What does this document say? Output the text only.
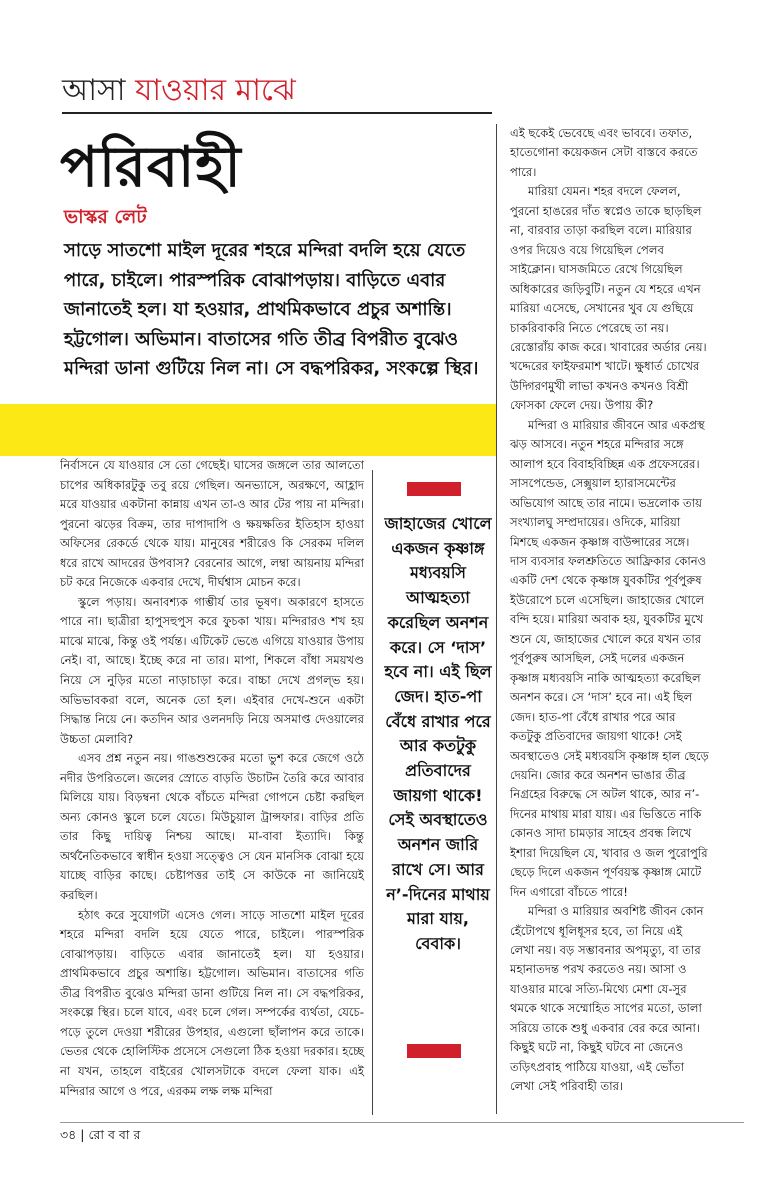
আসা যাওয়ার মাঝে
পরিবাহী
ভাস্কর লেট
সাড়ে সাতশো মাইল দূরের শহরে মন্দিরা বদলি হয়ে যেতে পারে, চাইলে। পারস্পরিক বোঝাপড়ায়। বাড়িতে এবার জানাতেই হল। যা হওয়ার, প্রাথমিকভাবে প্রচুর অশান্তি। হট্টগোল। অভিমান। বাতাসের গতি তীব্র বিপরীত বুঝেও মন্দিরা ডানা গুটিয়ে নিল না। সে বদ্ধপরিকর, সংকল্পে স্থির।

নির্বাসনে যে যাওয়ার সে তো গেছেই। ঘাসের জঙ্গলে তার আলতো চাপের অধিকারটুকু তবু রয়ে গেছিল। অনভ্যাসে, অরক্ষণে, আহ্লাদ মরে যাওয়ার একটানা কান্নায় এখন তা-ও আর টের পায় না মন্দিরা। পুরনো ঝড়ের বিক্রম, তার দাপাদাপি ও ক্ষয়ক্ষতির ইতিহাস হাওয়া অফিসের রেকর্ডে থেকে যায়। মানুষের শরীরেও কি সেরকম দলিল ধরে রাখে আদরের উপবাস? বেরনোর আগে, লম্বা আয়নায় মন্দিরা চট করে নিজেকে একবার দেখে, দীর্ঘশ্বাস মোচন করে।

স্কুলে পড়ায়। অনাবশ্যক গাম্ভীর্য তার ভূষণ। অকারণে হাসতে পারে না। ছাত্রীরা হাপুসহুপুস করে ফুচকা খায়। মন্দিরারও শখ হয় মাঝে মাঝে, কিন্তু ওই পর্যন্ত। এটিকেট ভেঙে এগিয়ে যাওয়ার উপায় নেই। বা, আছে। ইচ্ছে করে না তার। মাপা, শিকলে বাঁধা সময়খণ্ড নিয়ে সে নুড়ির মতো নাড়াচাড়া করে। বাচ্চা দেখে প্রগল্ভ হয়। অভিভাবকরা বলে, অনেক তো হল। এইবার দেখে-শুনে একটা সিদ্ধান্ত নিয়ে নে। কতদিন আর ওলনদড়ি নিয়ে অসমাপ্ত দেওয়ালের উচ্চতা মেলাবি?

এসব প্রশ্ন নতুন নয়। গাঙশুশুকের মতো ভুশ করে জেগে ওঠে নদীর উপরিতলে। জলের স্রোতে বাড়তি উচাটন তৈরি করে আবার মিলিয়ে যায়। বিড়ম্বনা থেকে বাঁচতে মন্দিরা গোপনে চেষ্টা করছিল অন্য কোনও স্কুলে চলে যেতে। মিউচুয়াল ট্রান্সফার। বাড়ির প্রতি তার কিছু দায়িত্ব নিশ্চয় আছে। মা-বাবা ইত্যাদি। কিন্তু অর্থনৈতিকভাবে স্বাধীন হওয়া সত্ত্বেও সে যেন মানসিক বোঝা হয়ে যাচ্ছে বাড়ির কাছে। চেষ্টাপত্তর তাই সে কাউকে না জানিয়েই করছিল।

হঠাৎ করে সুযোগটা এসেও গেল। সাড়ে সাতশো মাইল দূরের শহরে মন্দিরা বদলি হয়ে যেতে পারে, চাইলে। পারস্পরিক বোঝাপড়ায়। বাড়িতে এবার জানাতেই হল। যা হওয়ার। প্রাথমিকভাবে প্রচুর অশান্তি। হট্টগোল। অভিমান। বাতাসের গতি তীব্র বিপরীত বুঝেও মন্দিরা ডানা গুটিয়ে নিল না। সে বদ্ধপরিকর, সংকল্পে স্থির। চলে যাবে, এবং চলে গেল। সম্পর্কের ব্যর্থতা, যেচে-পড়ে তুলে দেওয়া শরীরের উপহার, এগুলো ছাঁলাপন করে তাকে। ভেতর থেকে হোলিস্টিক প্রসেসে সেগুলো ঠিক হওয়া দরকার। হচ্ছে না যখন, তাহলে বাইরের খোলসটাকে বদলে ফেলা যাক। এই মন্দিরার আগে ও পরে, এরকম লক্ষ লক্ষ মন্দিরা

জাহাজের খোলে একজন কৃষ্ণাঙ্গ মধ্যবয়সি আত্মহত্যা করেছিল অনশন করে। সে ‘দাস’ হবে না। এই ছিল জেদ। হাত-পা বেঁধে রাখার পরে আর কতটুকু প্রতিবাদের জায়গা থাকে! সেই অবস্থাতেও অনশন জারি রাখে সে। আর ন’-দিনের মাথায় মারা যায়, বেবাক।

এই ছকেই ভেবেছে এবং ভাববে। তফাত, হাতেগোনা কয়েকজন সেটা বাস্তবে করতে পারে।

মারিয়া যেমন। শহর বদলে ফেলল, পুরনো হাঙরের দাঁত স্বপ্নেও তাকে ছাড়ছিল না, বারবার তাড়া করছিল বলে। মারিয়ার ওপর দিয়েও বয়ে গিয়েছিল পেলব সাইক্লোন। ঘাসজমিতে রেখে গিয়েছিল অধিকারের জড়িবুটি। নতুন যে শহরে এখন মারিয়া এসেছে, সেখানের খুব যে গুছিয়ে চাকরিবাকরি নিতে পেরেছে তা নয়। রেস্তোরাঁয় কাজ করে। খাবারের অর্ডার নেয়। খদ্দেরের ফাইফরমাশ খাটে। ক্ষুধার্ত চোখের উদ্গিরণমুখী লাভা কখনও কখনও বিশ্রী ফোসকা ফেলে দেয়। উপায় কী?

মন্দিরা ও মারিয়ার জীবনে আর একপ্রস্থ ঝড় আসবে। নতুন শহরে মন্দিরার সঙ্গে আলাপ হবে বিবাহবিচ্ছিন্ন এক প্রফেসরের। সাসপেন্ডেড, সেক্সুয়াল হ্যারাসমেন্টের অভিযোগ আছে তার নামে। ভদ্রলোক তায় সংখ্যালঘু সম্প্রদায়ের। ওদিকে, মারিয়া মিশছে একজন কৃষ্ণাঙ্গ বাউন্সারের সঙ্গে। দাস ব্যবসার ফলশ্রুতিতে আফ্রিকার কোনও একটি দেশ থেকে কৃষ্ণাঙ্গ যুবকটির পূর্বপুরুষ ইউরোপে চলে এসেছিল। জাহাজের খোলে বন্দি হয়ে। মারিয়া অবাক হয়, যুবকটির মুখে শুনে যে, জাহাজের খোলে করে যখন তার পূর্বপুরুষ আসছিল, সেই দলের একজন কৃষ্ণাঙ্গ মধ্যবয়সি নাকি আত্মহত্যা করেছিল অনশন করে। সে ‘দাস’ হবে না। এই ছিল জেদ। হাত-পা বেঁধে রাখার পরে আর কতটুকু প্রতিবাদের জায়গা থাকে! সেই অবস্থাতেও সেই মধ্যবয়সি কৃষ্ণাঙ্গ হাল ছেড়ে দেয়নি। জোর করে অনশন ভাঙার তীব্র নিগ্রহের বিরুদ্ধে সে অটল থাকে, আর ন’-দিনের মাথায় মারা যায়। এর ভিত্তিতে নাকি কোনও সাদা চামড়ার সাহেব প্রবন্ধ লিখে ইশারা দিয়েছিল যে, খাবার ও জল পুরোপুরি ছেড়ে দিলে একজন পূর্ণবয়স্ক কৃষ্ণাঙ্গ মোটে দিন এগারো বাঁচতে পারে!

মন্দিরা ও মারিয়ার অবশিষ্ট জীবন কোন হেঁটোপথে ধূলিধূসর হবে, তা নিয়ে এই লেখা নয়। বড় সম্ভাবনার অপমৃত্যু, বা তার মহানাতদন্ত পরখ করতেও নয়। আসা ও যাওয়ার মাঝে সত্যি-মিথ্যে মেশা যে-সুর থমকে থাকে সম্মোহিত সাপের মতো, ডালা সরিয়ে তাকে শুধু একবার বের করে আনা। কিছুই ঘটে না, কিছুই ঘটবে না জেনেও তড়িৎপ্রবাহ পাঠিয়ে যাওয়া, এই ভোঁতা লেখা সেই পরিবাহী তার।

৩৪ | রো ব বা র
